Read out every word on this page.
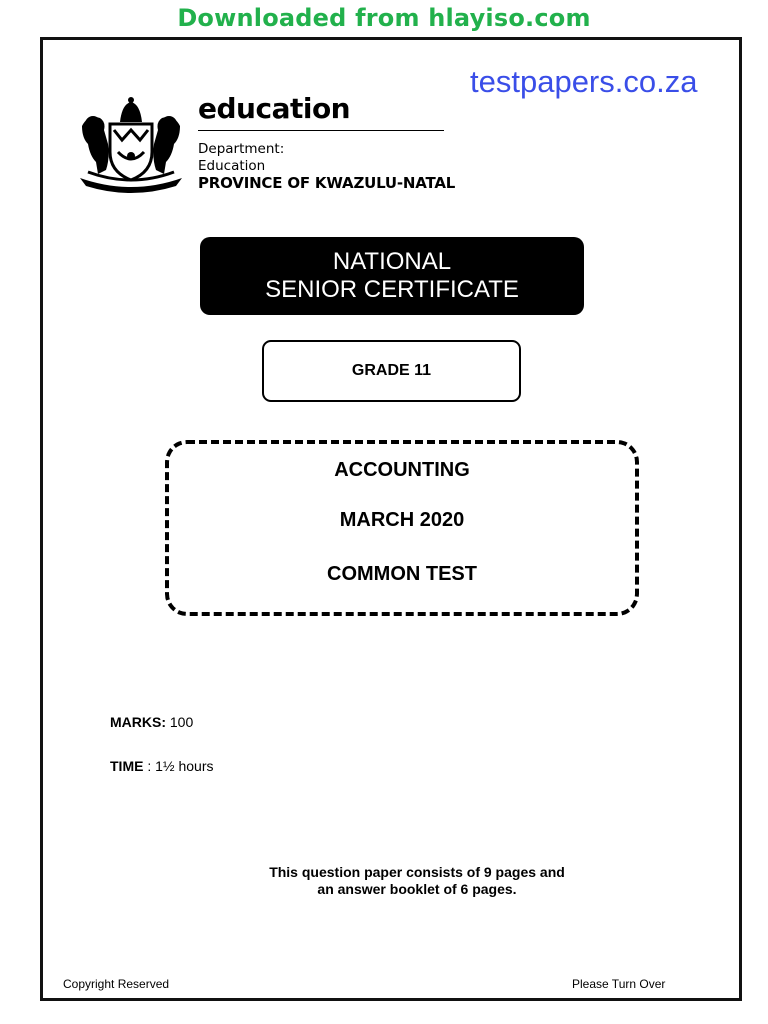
Downloaded from hlayiso.com
testpapers.co.za
education
Department:
Education
PROVINCE OF KWAZULU-NATAL
NATIONAL
SENIOR CERTIFICATE
GRADE 11
ACCOUNTING
MARCH 2020
COMMON TEST
MARKS: 100
TIME : 1½ hours
This question paper consists of 9 pages and
an answer booklet of 6 pages.
Copyright Reserved	Please Turn Over
